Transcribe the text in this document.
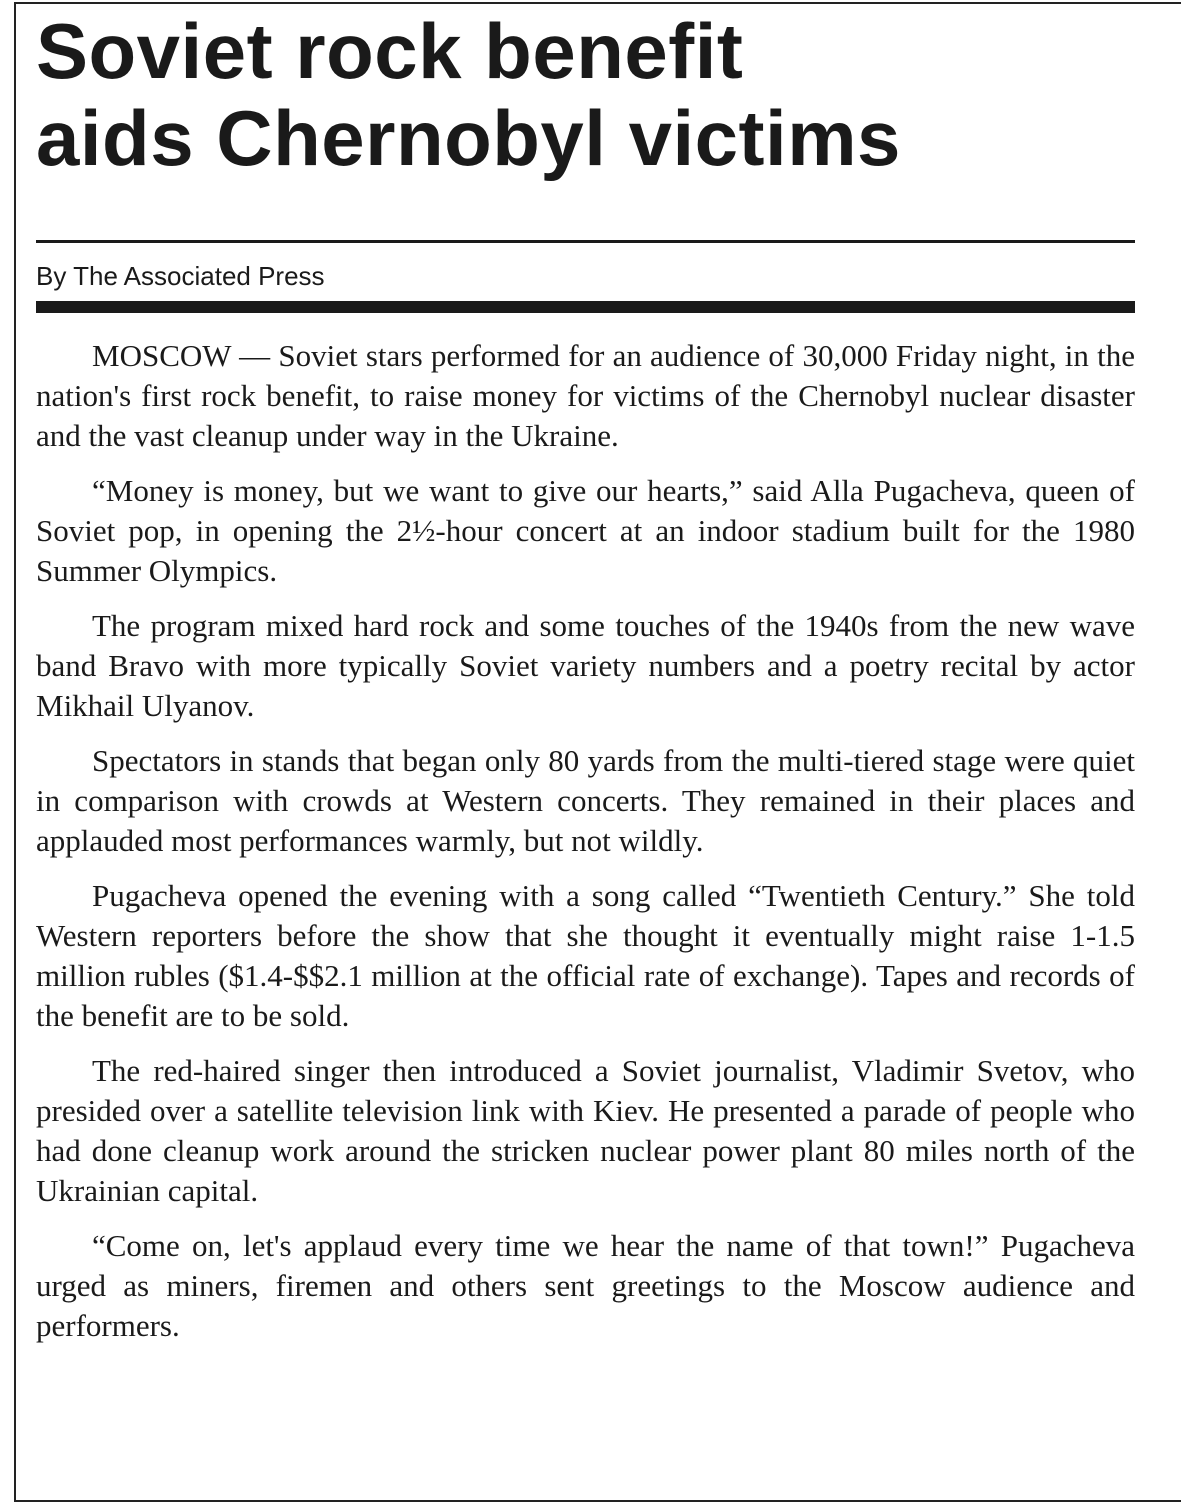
Soviet rock benefit
aids Chernobyl victims
By The Associated Press

MOSCOW — Soviet stars performed for an audience of 30,000 Friday night, in the nation's first rock benefit, to raise money for victims of the Chernobyl nuclear disaster and the vast cleanup under way in the Ukraine.

“Money is money, but we want to give our hearts,” said Alla Pugacheva, queen of Soviet pop, in opening the 2½-hour concert at an indoor stadium built for the 1980 Summer Olympics.

The program mixed hard rock and some touches of the 1940s from the new wave band Bravo with more typically Soviet variety numbers and a poetry recital by actor Mikhail Ulyanov.

Spectators in stands that began only 80 yards from the multi-tiered stage were quiet in comparison with crowds at Western concerts. They remained in their places and applauded most performances warmly, but not wildly.

Pugacheva opened the evening with a song called “Twentieth Century.” She told Western reporters before the show that she thought it eventually might raise 1-1.5 million rubles ($1.4-$$2.1 million at the official rate of exchange). Tapes and records of the benefit are to be sold.

The red-haired singer then introduced a Soviet journalist, Vladimir Svetov, who presided over a satellite television link with Kiev. He presented a parade of people who had done cleanup work around the stricken nuclear power plant 80 miles north of the Ukrainian capital.

“Come on, let's applaud every time we hear the name of that town!” Pugacheva urged as miners, firemen and others sent greetings to the Moscow audience and performers.
